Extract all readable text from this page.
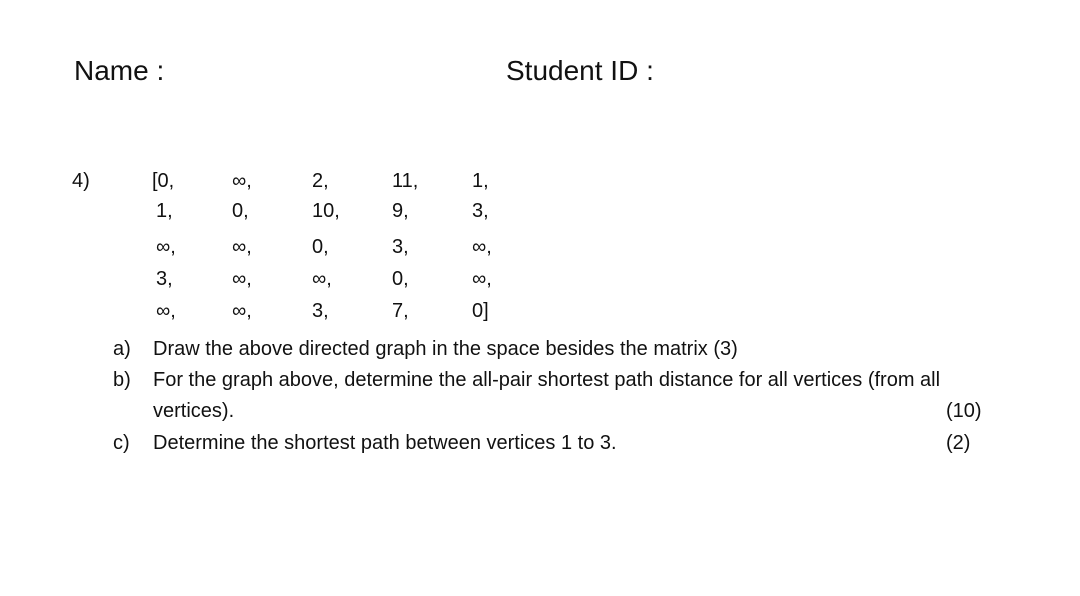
Name :	Student ID :
4)	[0,	∞,	2,	11,	1,
1,	0,	10,	9,	3,
∞,	∞,	0,	3,	∞,
3,	∞,	∞,	0,	∞,
∞,	∞,	3,	7,	0]
a) Draw the above directed graph in the space besides the matrix (3)
b) For the graph above, determine the all-pair shortest path distance for all vertices (from all
vertices).	(10)
c) Determine the shortest path between vertices 1 to 3.	(2)
